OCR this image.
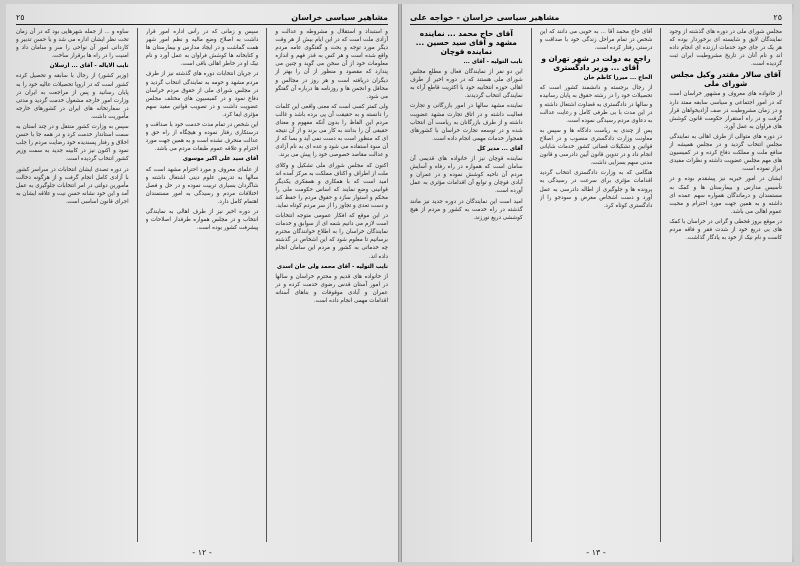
مشاهیر سیاسی خراسان
٢٥

و استبداد و استقلال و مشروطه و عدالت و آزادی ملت است که در این ایام بیش از هر وقت دیگر مورد توجه و بحث و گفتگوی عامه مردم واقع شده است و هر کس به قدر فهم و اندازه معلومات خود از آن سخن می گوید و چنین می پندارد که مقصود و منظور از آن را بهتر از دیگران دریافته است و هر روز در مجالس و محافل و انجمن ها و روزنامه ها درباره آن گفتگو می شود.

ولی کمتر کسی است که معنی واقعی این کلمات را دانسته و به حقیقت آن پی برده باشد و غالب مردم این الفاظ را بدون آنکه مفهوم و معنای حقیقی آن را بدانند به کار می برند و از آن نتیجه ای که منظور است به دست نمی آید و بسا که از آن سوء استفاده می شود و عده ای به نام آزادی و عدالت مقاصد خصوصی خود را پیش می برند.

اکنون که مجلس شورای ملی تشکیل و وکلای ملت از اطراف و اکناف مملکت به مرکز آمده اند امید است که با همکاری و همفکری یکدیگر قوانینی وضع نمایند که اساس حکومت ملی را محکم و استوار سازد و حقوق مردم را حفظ کند و دست تعدی و تجاوز را از سر مردم کوتاه نماید.

در این موقع که افکار عمومی متوجه انتخابات است لازم می دانیم شمه ای از سوابق و خدمات نمایندگان خراسان را به اطلاع خوانندگان محترم برسانیم تا معلوم شود که این اشخاص در گذشته چه خدماتی به کشور و مردم این سامان انجام داده اند.

نایب التولیه - آقای محمد ولی خان اسدی

از خانواده های قدیم و محترم خراسان و سالها در امور آستان قدس رضوی خدمت کرده و در عمران و آبادی موقوفات و بناهای آستانه اقدامات مهمی انجام داده است.

سپس و زمانی که در رأس اداره امور قرار داشت به اصلاح وضع مالیه و نظم امور شهر همت گماشت و در ایجاد مدارس و بیمارستان ها و کتابخانه ها کوشش فراوان به عمل آورد و نام نیک او در خاطر اهالی باقی است.

در جریان انتخابات دوره های گذشته نیز از طرف مردم مشهد و حومه به نمایندگی انتخاب گردید و در مجلس شورای ملی از حقوق مردم خراسان دفاع نمود و در کمیسیون های مختلف مجلس عضویت داشت و در تصویب قوانین مفید سهم مؤثری ایفا کرد.

این شخص در تمام مدت خدمت خود با صداقت و درستکاری رفتار نموده و هیچگاه از راه حق و عدالت منحرف نشده است و به همین جهت مورد احترام و علاقه عموم طبقات مردم می باشد.

آقای سید علی اکبر موسوی

از علمای معروف و مورد احترام مشهد است که سالها به تدریس علوم دینی اشتغال داشته و شاگردان بسیاری تربیت نموده و در حل و فصل اختلافات مردم و رسیدگی به امور مستمندان اهتمام کامل دارد.

در دوره اخیر نیز از طرف اهالی به نمایندگی انتخاب و در مجلس همواره طرفدار اصلاحات و پیشرفت کشور بوده است.

ساوه و ... از جمله شهرهایی بود که در آن زمان تحت نظر ایشان اداره می شد و با حسن تدبیر و کاردانی امور آن نواحی را سر و سامان داد و امنیت را در راه ها برقرار ساخت.

نایب الایاله - آقای ... ارسلان

(وزیر کشور) از رجال با سابقه و تحصیل کرده کشور است که در اروپا تحصیلات عالیه خود را به پایان رسانید و پس از مراجعت به ایران در وزارت امور خارجه مشغول خدمت گردید و مدتی در سفارتخانه های ایران در کشورهای خارجه مأموریت داشت.

سپس به وزارت کشور منتقل و در چند استان به سمت استاندار خدمت کرد و در همه جا با حسن اخلاق و رفتار پسندیده خود رضایت مردم را جلب نمود و اکنون نیز در کابینه جدید به سمت وزیر کشور انتخاب گردیده است.

در دوره تصدی ایشان انتخابات در سراسر کشور با آزادی کامل انجام گرفت و از هرگونه دخالت مأمورین دولتی در امر انتخابات جلوگیری به عمل آمد و این خود نشانه حسن نیت و علاقه ایشان به اجرای قانون اساسی است.

- ١٢ -
٢٥
مشاهیر سیاسی خراسان - خواجه علی

مجلس شورای ملی در دوره های گذشته از وجود نمایندگان لایق و شایسته ای برخوردار بوده که هر یک در جای خود خدمات ارزنده ای انجام داده اند و نام آنان در تاریخ مشروطیت ایران ثبت گردیده است.

آقای سالار مقتدر وکیل مجلس شورای ملی

از خانواده های معروف و مشهور خراسان است که در امور اجتماعی و سیاسی سابقه ممتد دارد و در زمان مشروطیت در صف آزادیخواهان قرار گرفت و در راه استقرار حکومت قانون کوشش های فراوان به عمل آورد.

در دوره های متوالی از طرف اهالی به نمایندگی مجلس انتخاب گردید و در مجلس همیشه از منافع ملت و مملکت دفاع کرده و در کمیسیون های مهم مجلس عضویت داشته و نظرات مفیدی ابراز نموده است.

ایشان در امور خیریه نیز پیشقدم بوده و در تأسیس مدارس و بیمارستان ها و کمک به مستمندان و درماندگان همواره سهم عمده ای داشته و به همین جهت مورد احترام و محبت عموم اهالی می باشد.

در موقع بروز قحطی و گرانی در خراسان با کمک های بی دریغ خود از شدت فقر و فاقه مردم کاست و نام نیک از خود به یادگار گذاشت.

آقای حاج محمد آقا ... به خوبی می دانند که این شخص در تمام مراحل زندگی خود با صداقت و درستی رفتار کرده است.

راجع به دولت در شهر تهران و آقای ... وزیر دادگستری

الحاج ... میرزا کاظم خان

از رجال برجسته و دانشمند کشور است که تحصیلات خود را در رشته حقوق به پایان رسانیده و سالها در دادگستری به قضاوت اشتغال داشته و در این مدت با بی طرفی کامل و رعایت عدالت به دعاوی مردم رسیدگی نموده است.

پس از چندی به ریاست دادگاه ها و سپس به معاونت وزارت دادگستری منصوب و در اصلاح قوانین و تشکیلات قضائی کشور خدمات شایانی انجام داد و در تدوین قانون آیین دادرسی و قانون مدنی سهم بسزایی داشت.

هنگامی که به وزارت دادگستری انتخاب گردید اقدامات مؤثری برای سرعت در رسیدگی به پرونده ها و جلوگیری از اطاله دادرسی به عمل آورد و دست اشخاص مغرض و سودجو را از دادگستری کوتاه کرد.

آقای حاج محمد ... نماینده مشهد و آقای سید حسین ... نماینده قوچان

نایب التولیه - آقای ...

این دو نفر از نمایندگان فعال و مطلع مجلس شورای ملی هستند که در دوره اخیر از طرف اهالی حوزه انتخابیه خود با اکثریت قاطع آراء به نمایندگی انتخاب گردیدند.

نماینده مشهد سالها در امور بازرگانی و تجارت فعالیت داشته و در اتاق تجارت مشهد عضویت داشته و از طرف بازرگانان به ریاست آن انتخاب شده و در توسعه تجارت خراسان با کشورهای همجوار خدمات مهمی انجام داده است.

آقای ... مدیر کل

نماینده قوچان نیز از خانواده های قدیمی آن سامان است که همواره در راه رفاه و آسایش مردم آن ناحیه کوشش نموده و در عمران و آبادی قوچان و توابع آن اقدامات مؤثری به عمل آورده است.

امید است این نمایندگان در دوره جدید نیز مانند گذشته در راه خدمت به کشور و مردم از هیچ کوششی دریغ نورزند.

- ١٣ -
